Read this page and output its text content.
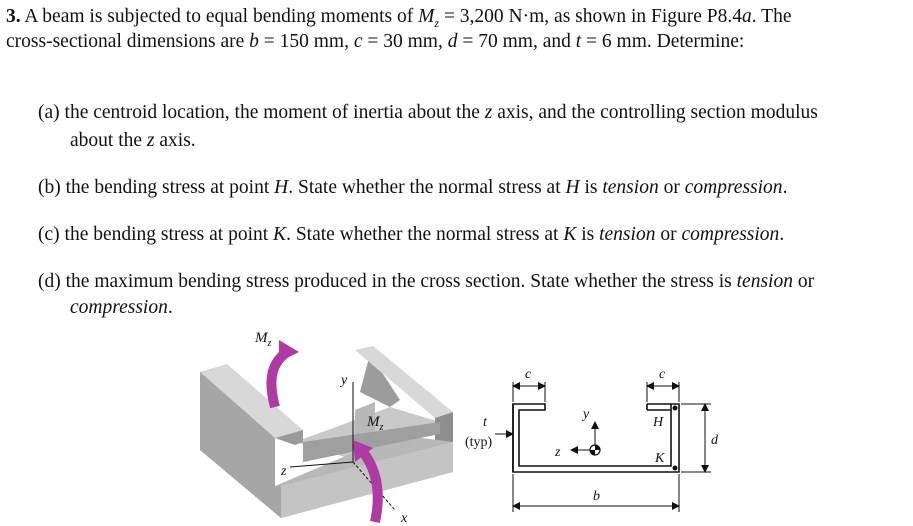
3. A beam is subjected to equal bending moments of $M_z = 3,200$ N·m, as shown in Figure P8.4a. The
cross-sectional dimensions are b = 150 mm, c = 30 mm, d = 70 mm, and t = 6 mm. Determine:
(a) the centroid location, the moment of inertia about the z axis, and the controlling section modulus
about the z axis.
(b) the bending stress at point H. State whether the normal stress at H is tension or compression.
(c) the bending stress at point K. State whether the normal stress at K is tension or compression.
(d) the maximum bending stress produced in the cross section. State whether the stress is tension or
compression.
$M_z$
y
$M_z$
z
x
c	c
t
(typ)
y
z
H
K
d
b
